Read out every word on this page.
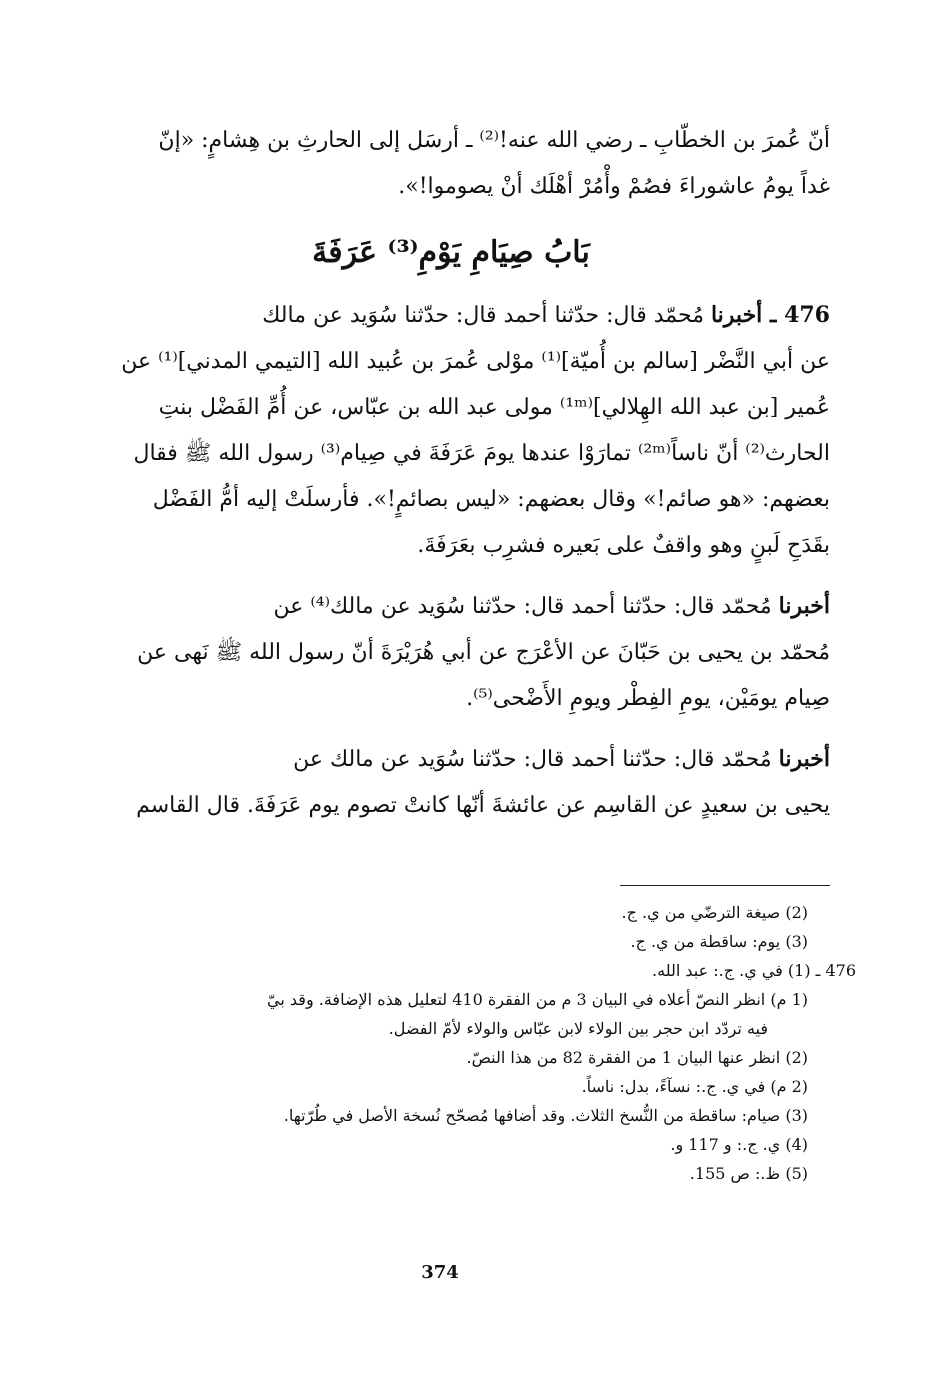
أنّ عُمرَ بن الخطّابِ ـ رضي الله عنه!⁽²⁾ ـ أرسَل إلى الحارثِ بن هِشامٍ: «إنّ
غداً يومُ عاشوراءَ فصُمْ وأْمُرْ أهْلَك أنْ يصوموا!».
بَابُ صِيَامِ يَوْمِ⁽³⁾ عَرَفَةَ
476 ـ أخبرنا مُحمّد قال: حدّثنا أحمد قال: حدّثنا سُوَيد عن مالك
عن أبي النَّضْر [سالم بن أُميّة]⁽¹⁾ موْلى عُمرَ بن عُبيد الله [التيمي المدني]⁽¹⁾ عن
عُمير [بن عبد الله الهِلالي]⁽¹ᵐ⁾ مولى عبد الله بن عبّاس، عن أُمِّ الفَضْل بنتِ
الحارث⁽²⁾ أنّ ناساً⁽²ᵐ⁾ تمارَوْا عندها يومَ عَرَفَةَ في صِيام⁽³⁾ رسول الله ﷺ فقال
بعضهم: «هو صائم!» وقال بعضهم: «ليس بصائمٍ!». فأرسلَتْ إليه أمُّ الفَضْل
بقَدَحِ لَبنٍ وهو واقفٌ على بَعيره فشرِب بعَرَفَةَ.
أخبرنا مُحمّد قال: حدّثنا أحمد قال: حدّثنا سُوَيد عن مالك⁽⁴⁾ عن
مُحمّد بن يحيى بن حَبّانَ عن الأعْرَج عن أبي هُرَيْرَةَ أنّ رسول الله ﷺ نَهى عن
صِيام يومَيْن، يومِ الفِطْر ويومِ الأَضْحى⁽⁵⁾.
أخبرنا مُحمّد قال: حدّثنا أحمد قال: حدّثنا سُوَيد عن مالك عن
يحيى بن سعيدٍ عن القاسِم عن عائشةَ أنّها كانتْ تصوم يوم عَرَفَةَ. قال القاسم
(2) صيغة الترضّي من ي. ج.
(3) يوم: ساقطة من ي. ج.
476 ـ (1) في ي. ج.: عبد الله.
(1 م) انظر النصّ أعلاه في البيان 3 م من الفقرة 410 لتعليل هذه الإضافة. وقد بيّ
فيه تردّد ابن حجر بين الولاء لابن عبّاس والولاء لأمّ الفضل.
(2) انظر عنها البيان 1 من الفقرة 82 من هذا النصّ.
(2 م) في ي. ج.: نسآءً، بدل: ناساً.
(3) صيام: ساقطة من النُّسخ الثلاث. وقد أضافها مُصحّح نُسخة الأصل في طُرّتها.
(4) ي. ج.: و 117 و.
(5) ظ.: ص 155.
374
